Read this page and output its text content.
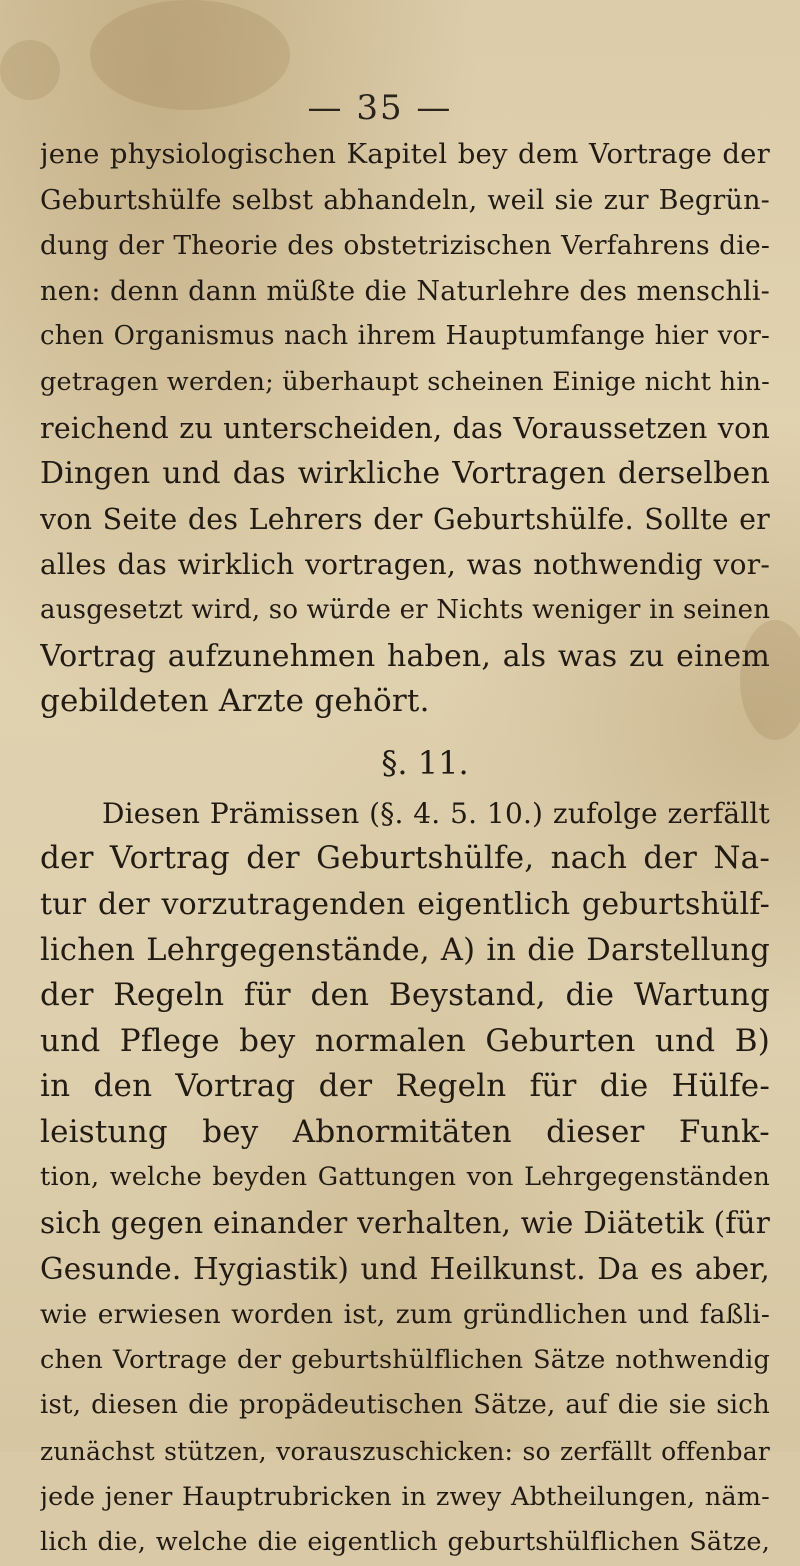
— 35 —
jene physiologischen Kapitel bey dem Vortrage der
Geburtshülfe selbst abhandeln, weil sie zur Begrün-
dung der Theorie des obstetrizischen Verfahrens die-
nen: denn dann müßte die Naturlehre des menschli-
chen Organismus nach ihrem Hauptumfange hier vor-
getragen werden; überhaupt scheinen Einige nicht hin-
reichend zu unterscheiden, das Voraussetzen von
Dingen und das wirkliche Vortragen derselben
von Seite des Lehrers der Geburtshülfe. Sollte er
alles das wirklich vortragen, was nothwendig vor-
ausgesetzt wird, so würde er Nichts weniger in seinen
Vortrag aufzunehmen haben, als was zu einem
gebildeten Arzte gehört.
§. 11.
Diesen Prämissen (§. 4. 5. 10.) zufolge zerfällt
der Vortrag der Geburtshülfe, nach der Na-
tur der vorzutragenden eigentlich geburtshülf-
lichen Lehrgegenstände, A) in die Darstellung
der Regeln für den Beystand, die Wartung
und Pflege bey normalen Geburten und B)
in den Vortrag der Regeln für die Hülfe-
leistung bey Abnormitäten dieser Funk-
tion, welche beyden Gattungen von Lehrgegenständen
sich gegen einander verhalten, wie Diätetik (für
Gesunde. Hygiastik) und Heilkunst. Da es aber,
wie erwiesen worden ist, zum gründlichen und faßli-
chen Vortrage der geburtshülflichen Sätze nothwendig
ist, diesen die propädeutischen Sätze, auf die sie sich
zunächst stützen, vorauszuschicken: so zerfällt offenbar
jede jener Hauptrubricken in zwey Abtheilungen, näm-
lich die, welche die eigentlich geburtshülflichen Sätze,
